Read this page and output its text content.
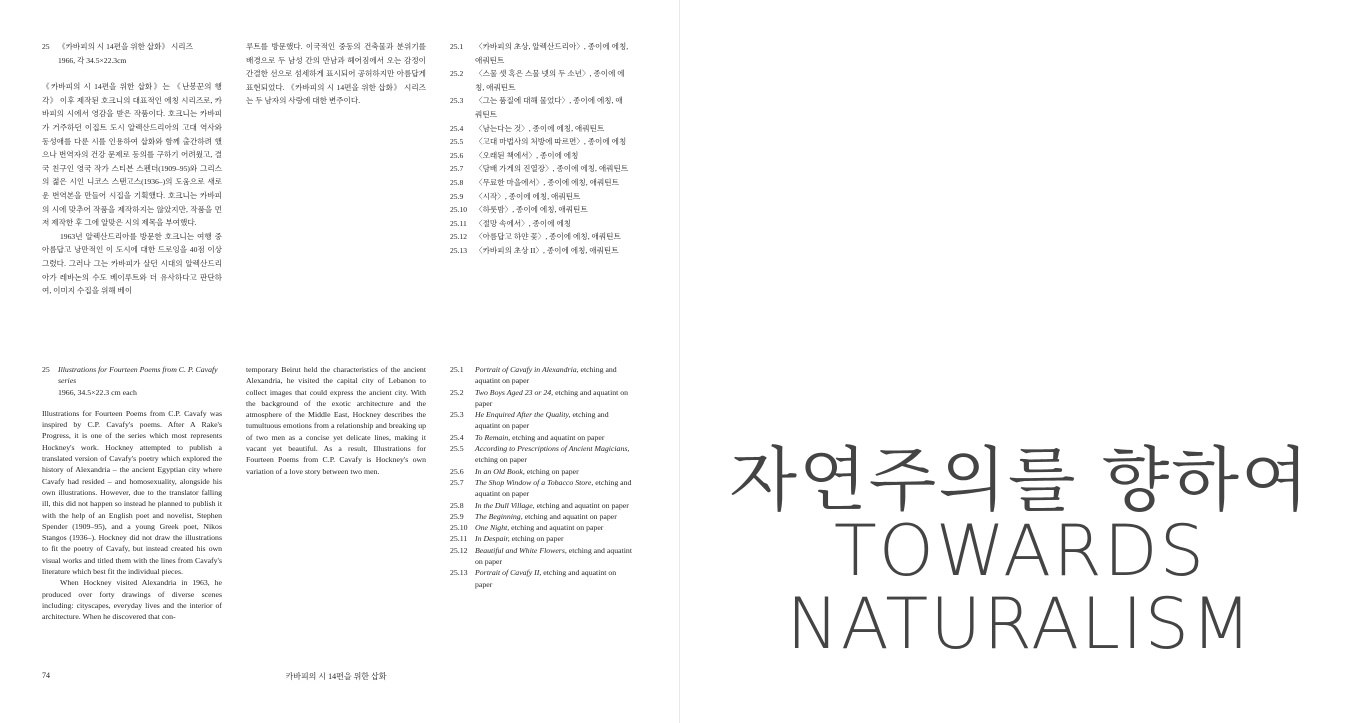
25	《카바피의 시 14편을 위한 삽화》 시리즈
1966, 각 34.5×22.3cm

《카바피의 시 14편을 위한 삽화》는 《난봉꾼의 행각》 이후 제작된 호크니의 대표적인 에칭 시리즈로, 카바피의 시에서 영감을 받은 작품이다. 호크니는 카바피가 거주하던 이집트 도시 알렉산드리아의 고대 역사와 동성애를 다룬 시를 인용하여 삽화와 함께 출간하려 했으나 번역자의 건강 문제로 동의를 구하기 어려웠고, 결국 친구인 영국 작가 스티븐 스펜더(1909–95)와 그리스의 젊은 시인 니코스 스탠고스(1936–)의 도움으로 새로운 번역본을 만들어 시집을 기획했다. 호크니는 카바피의 시에 맞추어 작품을 제작하지는 않았지만, 작품을 먼저 제작한 후 그에 알맞은 시의 제목을 부여했다.

1963년 알렉산드리아를 방문한 호크니는 여행 중 아름답고 낭만적인 이 도시에 대한 드로잉을 40점 이상 그렸다. 그러나 그는 카바피가 살던 시대의 알렉산드리아가 레바논의 수도 베이루트와 더 유사하다고 판단하여, 이미지 수집을 위해 베이

루트를 방문했다. 이국적인 중동의 건축물과 분위기를 배경으로 두 남성 간의 만남과 헤어짐에서 오는 감정이 간결한 선으로 섬세하게 표시되어 공허하지만 아름답게 표현되었다. 《카바피의 시 14편을 위한 삽화》 시리즈는 두 남자의 사랑에 대한 변주이다.

25.1	〈카바피의 초상, 알렉산드리아〉, 종이에 에칭, 애쿼틴트
25.2	〈스물 셋 혹은 스물 넷의 두 소년〉, 종이에 에칭, 애쿼틴트
25.3	〈그는 품질에 대해 물었다〉, 종이에 에칭, 애쿼틴트
25.4	〈남는다는 것〉, 종이에 에칭, 애쿼틴트
25.5	〈고대 마법사의 처방에 따르면〉, 종이에 에칭
25.6	〈오래된 책에서〉, 종이에 에칭
25.7	〈담배 가게의 진열장〉, 종이에 에칭, 애쿼틴트
25.8	〈무료한 마을에서〉, 종이에 에칭, 애쿼틴트
25.9	〈시작〉, 종이에 에칭, 애쿼틴트
25.10	〈하룻밤〉, 종이에 에칭, 애쿼틴트
25.11	〈절망 속에서〉, 종이에 에칭
25.12	〈아름답고 하얀 꽃〉, 종이에 에칭, 애쿼틴트
25.13	〈카바피의 초상 II〉, 종이에 에칭, 애쿼틴트
25	Illustrations for Fourteen Poems from C. P. Cavafy series
1966, 34.5×22.3 cm each

Illustrations for Fourteen Poems from C.P. Cavafy was inspired by C.P. Cavafy's poems. After A Rake's Progress, it is one of the series which most represents Hockney's work. Hockney attempted to publish a translated version of Cavafy's poetry which explored the history of Alexandria – the ancient Egyptian city where Cavafy had resided – and homosexuality, alongside his own illustrations. However, due to the translator falling ill, this did not happen so instead he planned to publish it with the help of an English poet and novelist, Stephen Spender (1909–95), and a young Greek poet, Nikos Stangos (1936–). Hockney did not draw the illustrations to fit the poetry of Cavafy, but instead created his own visual works and titled them with the lines from Cavafy's literature which best fit the individual pieces.

When Hockney visited Alexandria in 1963, he produced over forty drawings of diverse scenes including: cityscapes, everyday lives and the interior of architecture. When he discovered that con-

temporary Beirut held the characteristics of the ancient Alexandria, he visited the capital city of Lebanon to collect images that could express the ancient city. With the background of the exotic architecture and the atmosphere of the Middle East, Hockney describes the tumultuous emotions from a relationship and breaking up of two men as a concise yet delicate lines, making it vacant yet beautiful. As a result, Illustrations for Fourteen Poems from C.P. Cavafy is Hockney's own variation of a love story between two men.

25.1	Portrait of Cavafy in Alexandria, etching and aquatint on paper
25.2	Two Boys Aged 23 or 24, etching and aquatint on paper
25.3	He Enquired After the Quality, etching and aquatint on paper
25.4	To Remain, etching and aquatint on paper
25.5	According to Prescriptions of Ancient Magicians, etching on paper
25.6	In an Old Book, etching on paper
25.7	The Shop Window of a Tobacco Store, etching and aquatint on paper
25.8	In the Dull Village, etching and aquatint on paper
25.9	The Beginning, etching and aquatint on paper
25.10 One Night, etching and aquatint on paper
25.11 In Despair, etching on paper
25.12 Beautiful and White Flowers, etching and aquatint on paper
25.13 Portrait of Cavafy II, etching and aquatint on paper
74	카바피의 시 14편을 위한 삽화
자연주의를 향하여
TOWARDS
NATURALISM
